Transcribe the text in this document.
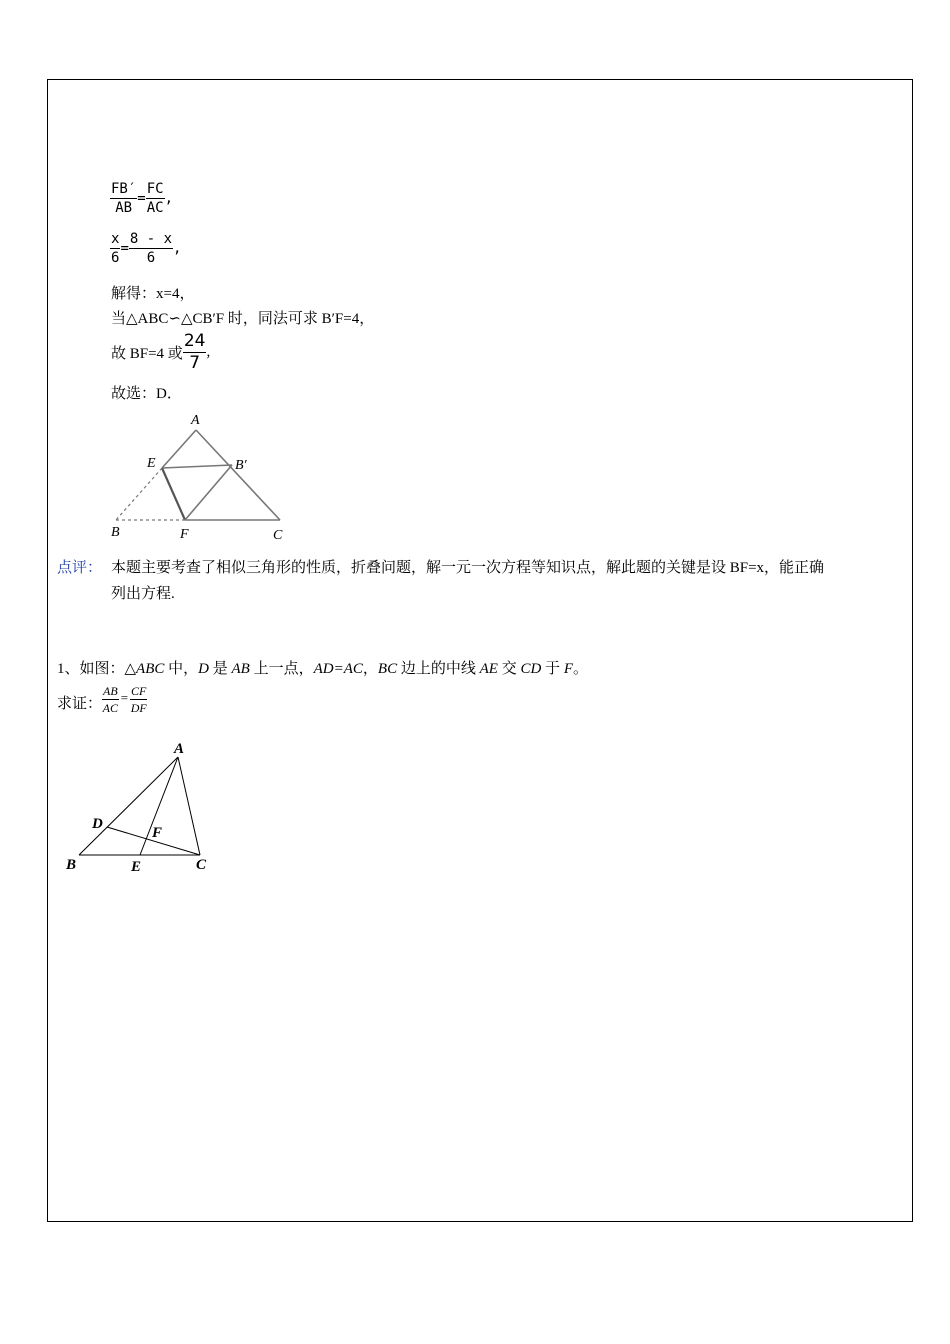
$\frac{FB'}{AB} = \frac{FC}{AC}$ ,
$\frac{x}{6} = \frac{8 - x}{6}$ ,
解得：x=4，
当△ABC∽△CB′F 时，同法可求 B′F=4，
故 BF=4 或 $\frac{24}{7}$ ,
故选：D．
A
E	B′
B	F	C
点评： 本题主要考查了相似三角形的性质，折叠问题，解一元一次方程等知识点，解此题的关键是设 BF=x，能正确
列出方程.
1、如图：△ABC 中，D 是 AB 上一点，AD=AC，BC 边上的中线 AE 交 CD 于 F。
求证： $\frac{AB}{AC} = \frac{CF}{DF}$
A
D
F
B	E	C
